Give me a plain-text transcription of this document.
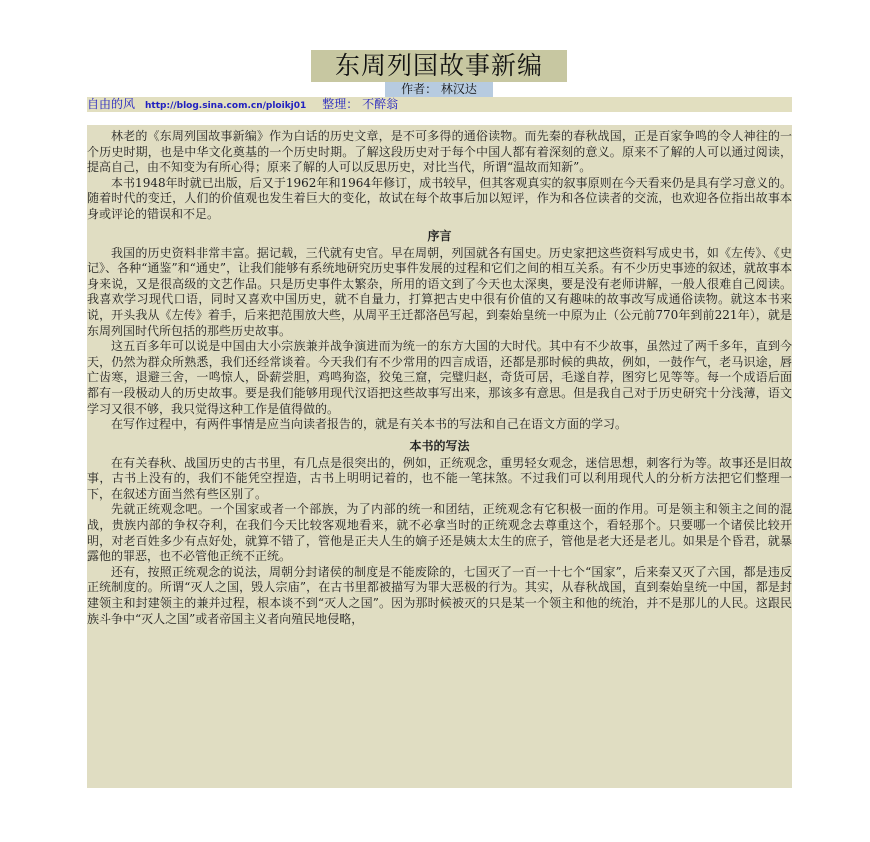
东周列国故事新编
作者： 林汉达
自由的风 http://blog.sina.com.cn/ploikj01 整理： 不醉翁

林老的《东周列国故事新编》作为白话的历史文章，是不可多得的通俗读物。而先秦的春秋战国，正是百家争鸣的令人神往的一个历史时期，也是中华文化奠基的一个历史时期。了解这段历史对于每个中国人都有着深刻的意义。原来不了解的人可以通过阅读，提高自己，由不知变为有所心得；原来了解的人可以反思历史，对比当代，所谓“温故而知新”。

本书1948年时就已出版，后又于1962年和1964年修订，成书较早，但其客观真实的叙事原则在今天看来仍是具有学习意义的。随着时代的变迁，人们的价值观也发生着巨大的变化，故试在每个故事后加以短评，作为和各位读者的交流，也欢迎各位指出故事本身或评论的错误和不足。

序言

我国的历史资料非常丰富。据记载，三代就有史官。早在周朝，列国就各有国史。历史家把这些资料写成史书，如《左传》、《史记》、各种“通鉴”和“通史”，让我们能够有系统地研究历史事件发展的过程和它们之间的相互关系。有不少历史事迹的叙述，就故事本身来说，又是很高级的文艺作品。只是历史事件太繁杂，所用的语文到了今天也太深奥，要是没有老师讲解，一般人很难自己阅读。我喜欢学习现代口语，同时又喜欢中国历史，就不自量力，打算把古史中很有价值的又有趣味的故事改写成通俗读物。就这本书来说，开头我从《左传》着手，后来把范围放大些，从周平王迁都洛邑写起，到秦始皇统一中原为止（公元前770年到前221年），就是东周列国时代所包括的那些历史故事。

这五百多年可以说是中国由大小宗族兼并战争演进而为统一的东方大国的大时代。其中有不少故事，虽然过了两千多年，直到今天，仍然为群众所熟悉，我们还经常谈着。今天我们有不少常用的四言成语，还都是那时候的典故，例如，一鼓作气，老马识途，唇亡齿寒，退避三舍，一鸣惊人，卧薪尝胆，鸡鸣狗盗，狡兔三窟，完璧归赵，奇货可居，毛遂自荐，图穷匕见等等。每一个成语后面都有一段极动人的历史故事。要是我们能够用现代汉语把这些故事写出来，那该多有意思。但是我自己对于历史研究十分浅薄，语文学习又很不够，我只觉得这种工作是值得做的。

在写作过程中，有两件事情是应当向读者报告的，就是有关本书的写法和自己在语文方面的学习。

本书的写法

在有关春秋、战国历史的古书里，有几点是很突出的，例如，正统观念，重男轻女观念，迷信思想，刺客行为等。故事还是旧故事，古书上没有的，我们不能凭空捏造，古书上明明记着的，也不能一笔抹煞。不过我们可以利用现代人的分析方法把它们整理一下，在叙述方面当然有些区别了。

先就正统观念吧。一个国家或者一个部族，为了内部的统一和团结，正统观念有它积极一面的作用。可是领主和领主之间的混战，贵族内部的争权夺利，在我们今天比较客观地看来，就不必拿当时的正统观念去尊重这个，看轻那个。只要哪一个诸侯比较开明，对老百姓多少有点好处，就算不错了，管他是正夫人生的嫡子还是姨太太生的庶子，管他是老大还是老儿。如果是个昏君，就暴露他的罪恶，也不必管他正统不正统。

还有，按照正统观念的说法，周朝分封诸侯的制度是不能废除的，七国灭了一百一十七个“国家”，后来秦又灭了六国，都是违反正统制度的。所谓“灭人之国，毁人宗庙”，在古书里都被描写为罪大恶极的行为。其实，从春秋战国，直到秦始皇统一中国，都是封建领主和封建领主的兼并过程，根本谈不到“灭人之国”。因为那时候被灭的只是某一个领主和他的统治，并不是那儿的人民。这跟民族斗争中“灭人之国”或者帝国主义者向殖民地侵略，
